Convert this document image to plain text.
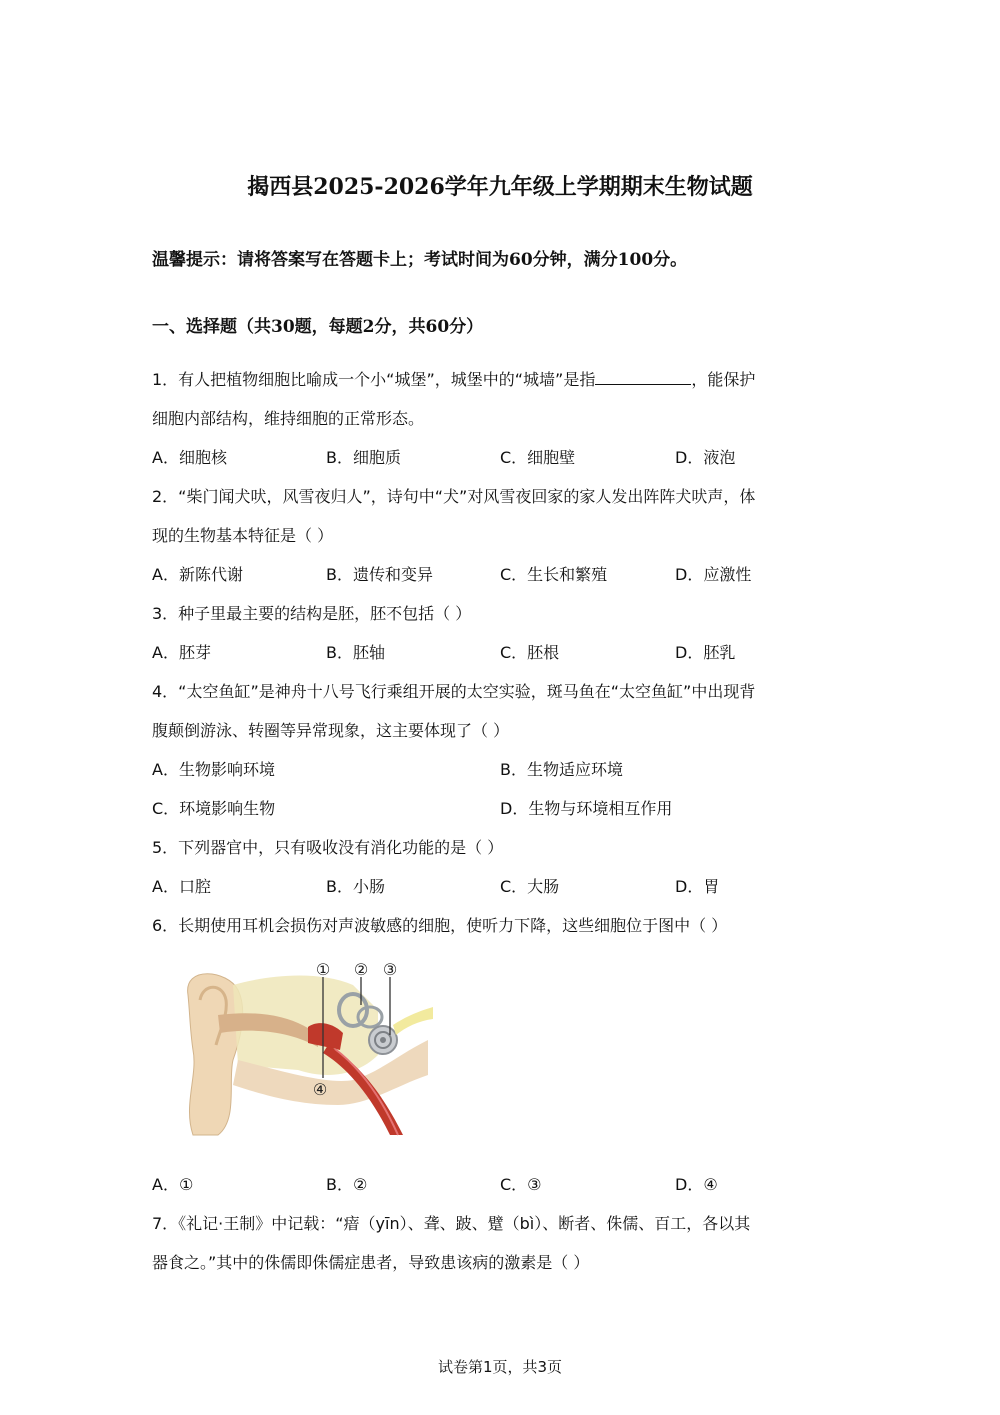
揭西县2025-2026学年九年级上学期期末生物试题
温馨提示：请将答案写在答题卡上；考试时间为60分钟，满分100分。
一、选择题（共30题，每题2分，共60分）
1．有人把植物细胞比喻成一个小“城堡”，城堡中的“城墙”是指	，能保护
细胞内部结构，维持细胞的正常形态。
A．细胞核	B．细胞质	C．细胞壁	D．液泡
2．“柴门闻犬吠，风雪夜归人”，诗句中“犬”对风雪夜回家的家人发出阵阵犬吠声，体
现的生物基本特征是（ ）
A．新陈代谢	B．遗传和变异	C．生长和繁殖	D．应激性
3．种子里最主要的结构是胚，胚不包括（ ）
A．胚芽	B．胚轴	C．胚根	D．胚乳
4．“太空鱼缸”是神舟十八号飞行乘组开展的太空实验，斑马鱼在“太空鱼缸”中出现背
腹颠倒游泳、转圈等异常现象，这主要体现了（ ）
A．生物影响环境	B．生物适应环境
C．环境影响生物	D．生物与环境相互作用
5．下列器官中，只有吸收没有消化功能的是（ ）
A．口腔	B．小肠	C．大肠	D．胃
6．长期使用耳机会损伤对声波敏感的细胞，使听力下降，这些细胞位于图中（ ）
① ② ③
④
A．①	B．②	C．③	D．④
7．《礼记·王制》中记载：“瘖（yīn）、聋、跛、躄（bì）、断者、侏儒、百工，各以其
器食之。”其中的侏儒即侏儒症患者，导致患该病的激素是（ ）
试卷第1页，共3页
